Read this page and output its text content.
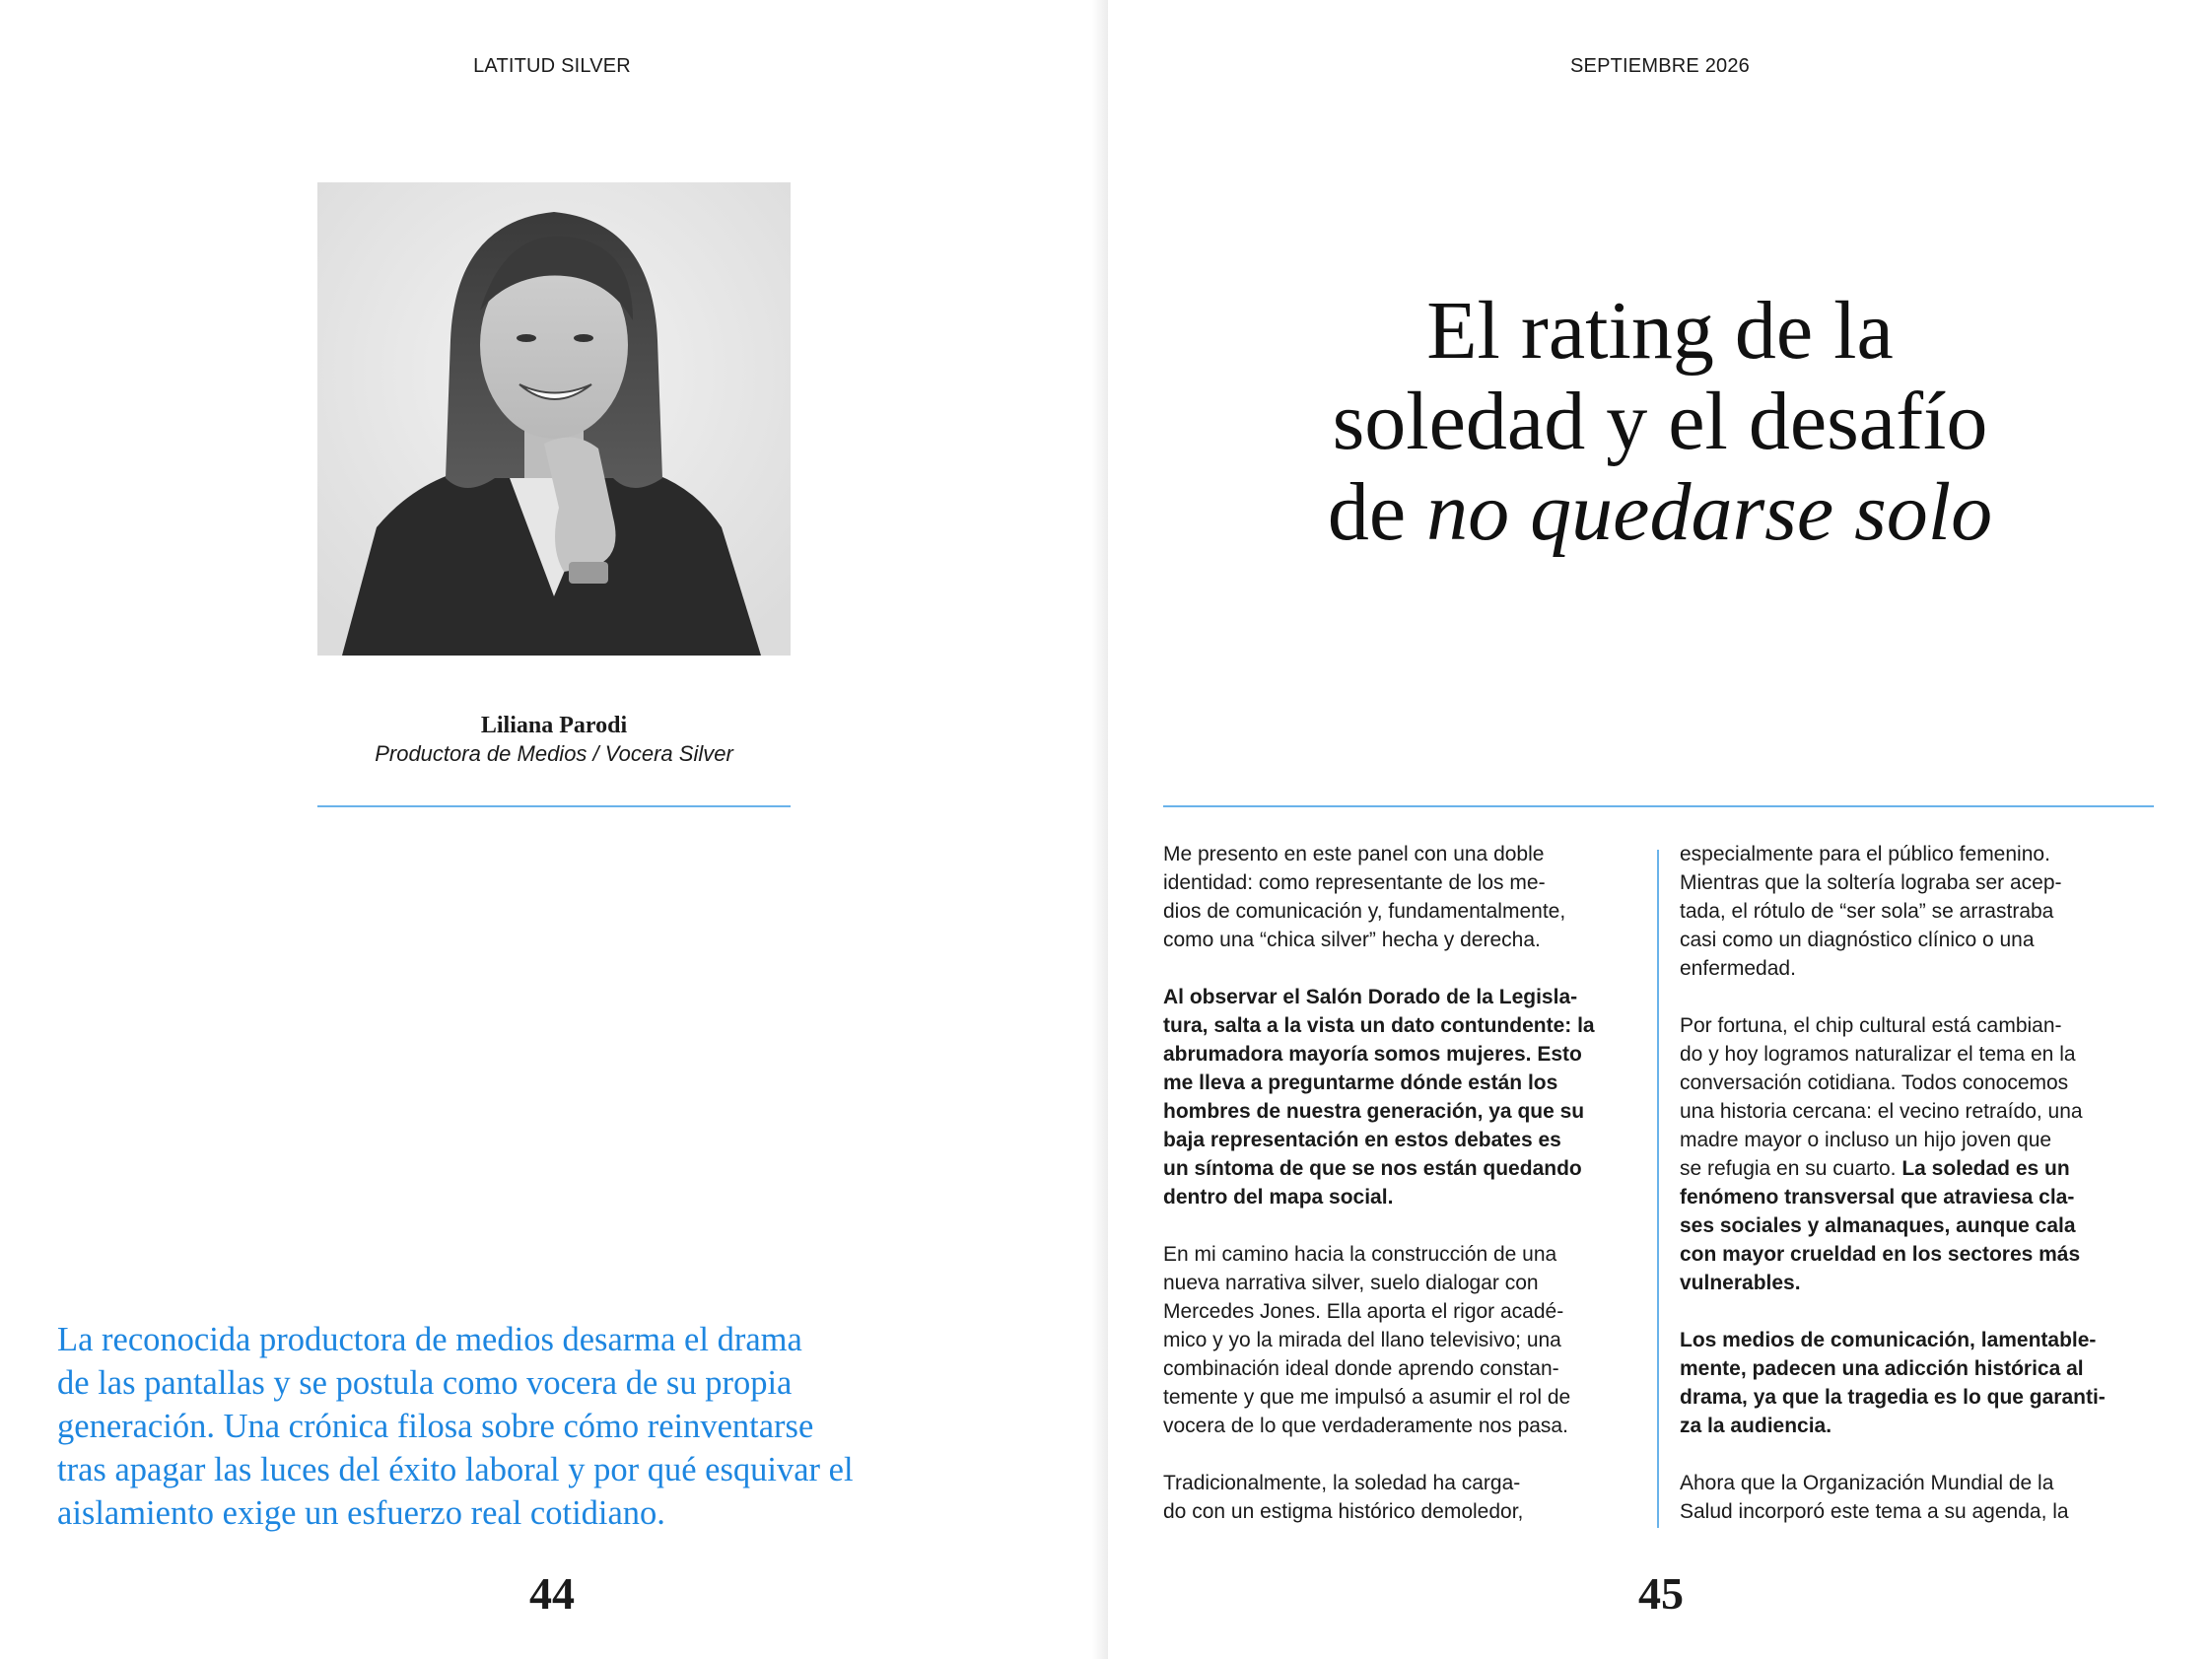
LATITUD SILVER
Liliana Parodi
Productora de Medios / Vocera Silver
La reconocida productora de medios desarma el drama
de las pantallas y se postula como vocera de su propia
generación. Una crónica filosa sobre cómo reinventarse
tras apagar las luces del éxito laboral y por qué esquivar el
aislamiento exige un esfuerzo real cotidiano.
44
SEPTIEMBRE 2026
El rating de la
soledad y el desafío
de no quedarse solo

Me presento en este panel con una doble
identidad: como representante de los me-
dios de comunicación y, fundamentalmente,
como una “chica silver” hecha y derecha.

Al observar el Salón Dorado de la Legisla-
tura, salta a la vista un dato contundente: la
abrumadora mayoría somos mujeres. Esto
me lleva a preguntarme dónde están los
hombres de nuestra generación, ya que su
baja representación en estos debates es
un síntoma de que se nos están quedando
dentro del mapa social.

En mi camino hacia la construcción de una
nueva narrativa silver, suelo dialogar con
Mercedes Jones. Ella aporta el rigor acadé-
mico y yo la mirada del llano televisivo; una
combinación ideal donde aprendo constan-
temente y que me impulsó a asumir el rol de
vocera de lo que verdaderamente nos pasa.

Tradicionalmente, la soledad ha carga-
do con un estigma histórico demoledor,

especialmente para el público femenino.
Mientras que la soltería lograba ser acep-
tada, el rótulo de “ser sola” se arrastraba
casi como un diagnóstico clínico o una
enfermedad.

Por fortuna, el chip cultural está cambian-
do y hoy logramos naturalizar el tema en la
conversación cotidiana. Todos conocemos
una historia cercana: el vecino retraído, una
madre mayor o incluso un hijo joven que
se refugia en su cuarto. La soledad es un
fenómeno transversal que atraviesa cla-
ses sociales y almanaques, aunque cala
con mayor crueldad en los sectores más
vulnerables.

Los medios de comunicación, lamentable-
mente, padecen una adicción histórica al
drama, ya que la tragedia es lo que garanti-
za la audiencia.

Ahora que la Organización Mundial de la
Salud incorporó este tema a su agenda, la

45
